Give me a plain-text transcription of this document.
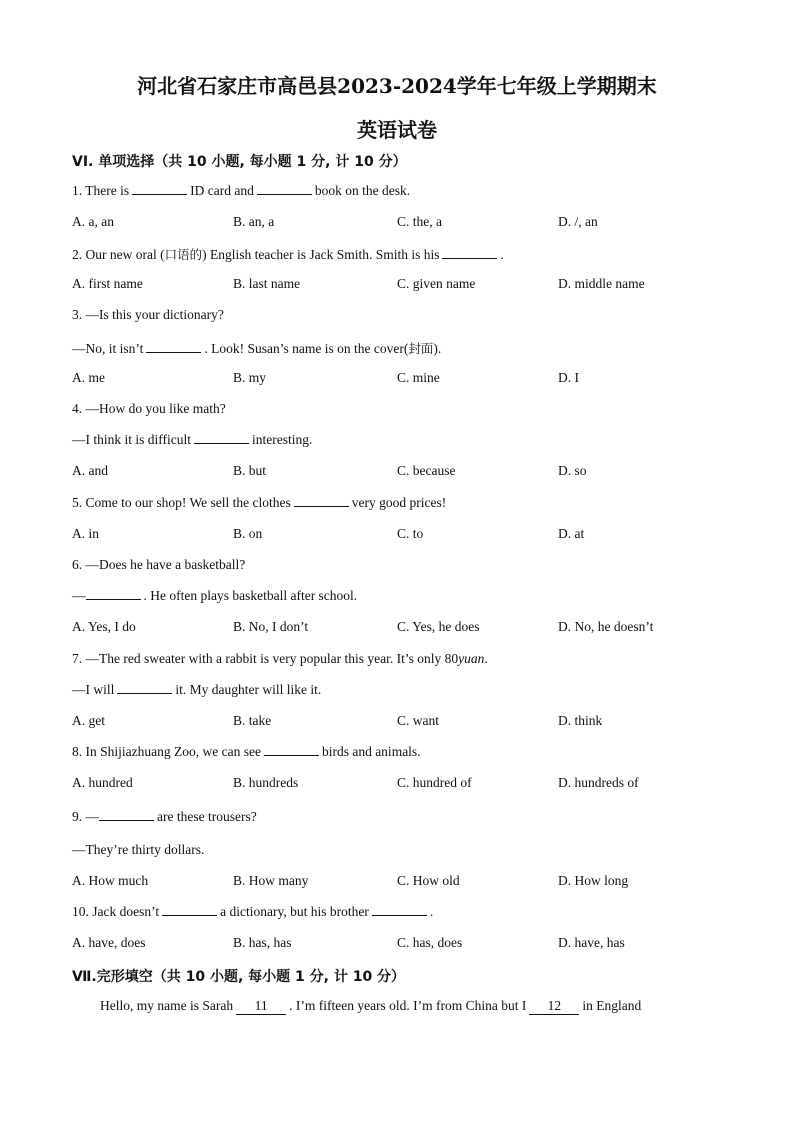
河北省石家庄市高邑县2023-2024学年七年级上学期期末
英语试卷
VI. 单项选择（共 10 小题, 每小题 1 分, 计 10 分）
1. There is	ID card and	book on the desk.
A. a, an	B. an, a	C. the, a	D. /, an
2. Our new oral (口语的) English teacher is Jack Smith. Smith is his	.
A. first name	B. last name	C. given name	D. middle name
3. —Is this your dictionary?
—No, it isn’t	. Look! Susan’s name is on the cover(封面).
A. me	B. my	C. mine	D. I
4. —How do you like math?
—I think it is difficult	interesting.
A. and	B. but	C. because	D. so
5. Come to our shop! We sell the clothes	very good prices!
A. in	B. on	C. to	D. at
6. —Does he have a basketball?
—	. He often plays basketball after school.
A. Yes, I do	B. No, I don’t	C. Yes, he does	D. No, he doesn’t
7. —The red sweater with a rabbit is very popular this year. It’s only 80yuan.
—I will	it. My daughter will like it.
A. get	B. take	C. want	D. think
8. In Shijiazhuang Zoo, we can see	birds and animals.
A. hundred	B. hundreds	C. hundred of	D. hundreds of
9. —	are these trousers?
—They’re thirty dollars.
A. How much	B. How many	C. How old	D. How long
10. Jack doesn’t	a dictionary, but his brother	.
A. have, does	B. has, has	C. has, does	D. have, has
Ⅶ.完形填空（共 10 小题, 每小题 1 分, 计 10 分）
Hello, my name is Sarah 11 . I’m fifteen years old. I’m from China but I 12 in England
